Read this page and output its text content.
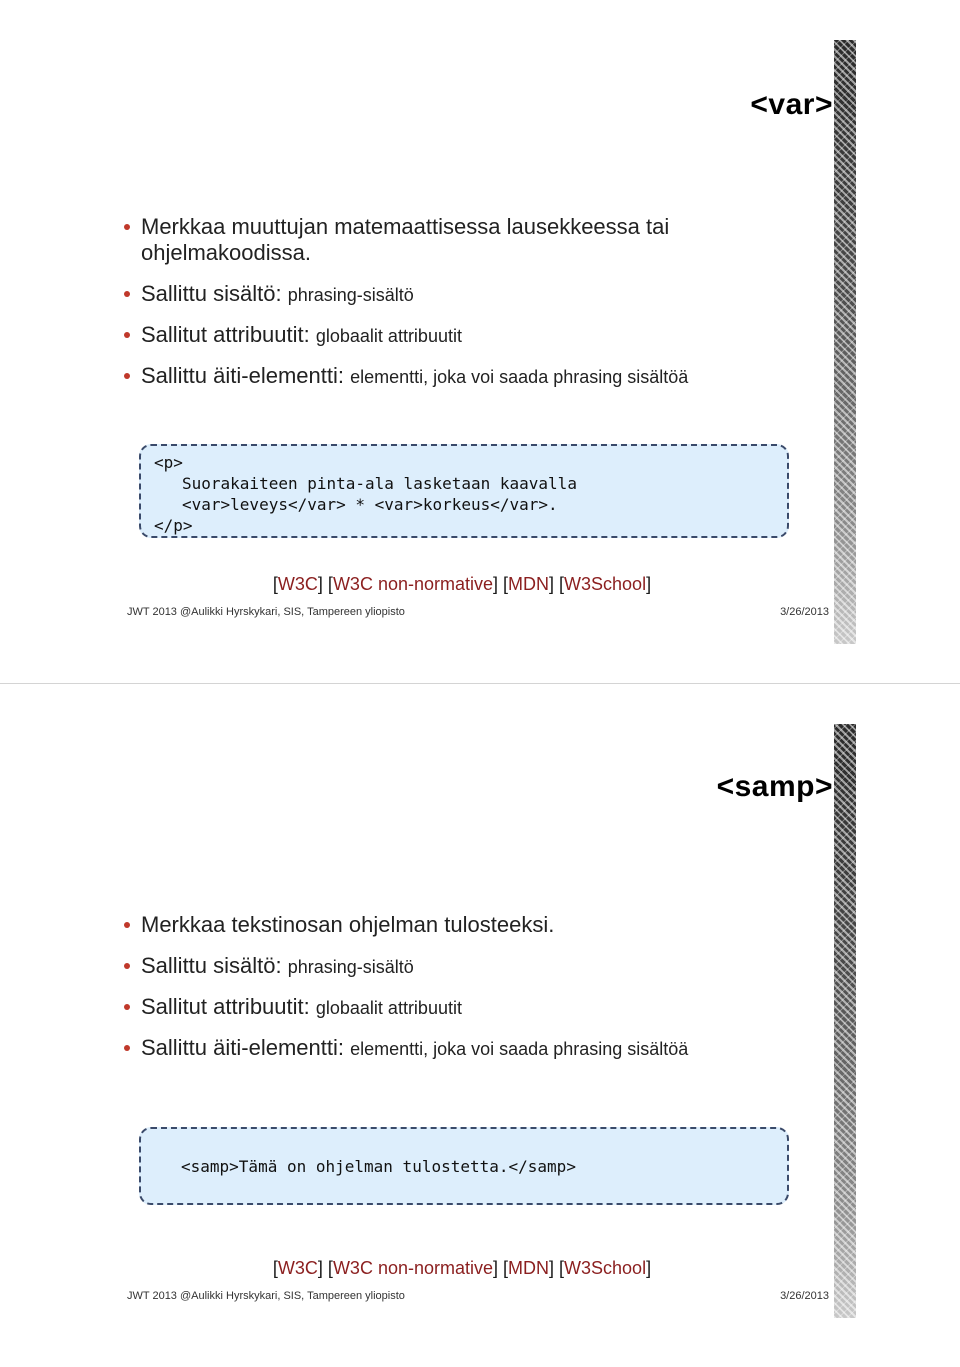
<var>
Merkkaa muuttujan matemaattisessa lausekkeessa tai ohjelmakoodissa.
Sallittu sisältö: phrasing-sisältö
Sallitut attribuutit: globaalit attribuutit
Sallittu äiti-elementti: elementti, joka voi saada phrasing sisältöä
<p>
Suorakaiteen pinta-ala lasketaan kaavalla
<var>leveys</var> * <var>korkeus</var>.
</p>
[W3C] [W3C non-normative] [MDN] [W3School]
JWT 2013 @Aulikki Hyrskykari, SIS, Tampereen yliopisto	3/26/2013
<samp>
Merkkaa tekstinosan ohjelman tulosteeksi.
Sallittu sisältö: phrasing-sisältö
Sallitut attribuutit: globaalit attribuutit
Sallittu äiti-elementti: elementti, joka voi saada phrasing sisältöä
<samp>Tämä on ohjelman tulostetta.</samp>
[W3C] [W3C non-normative] [MDN] [W3School]
JWT 2013 @Aulikki Hyrskykari, SIS, Tampereen yliopisto	3/26/2013
